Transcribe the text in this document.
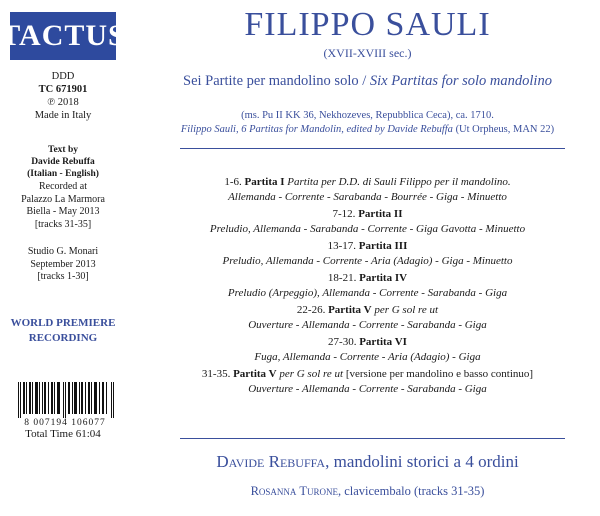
TACTUS
DDD
TC 671901
℗ 2018
Made in Italy
Text by
Davide Rebuffa
(Italian - English)
Recorded at
Palazzo La Marmora
Biella - May 2013
[tracks 31-35]
Studio G. Monari
September 2013
[tracks 1-30]
WORLD PREMIERE
RECORDING
8 007194 106077
Total Time 61:04
FILIPPO SAULI
(XVII-XVIII sec.)
Sei Partite per mandolino solo / Six Partitas for solo mandolino
(ms. Pu II KK 36, Nekhozeves, Repubblica Ceca), ca. 1710.
Filippo Sauli, 6 Partitas for Mandolin, edited by Davide Rebuffa (Ut Orpheus, MAN 22)
1-6. Partita I Partita per D.D. di Sauli Filippo per il mandolino.
Allemanda - Corrente - Sarabanda - Bourrée - Giga - Minuetto
7-12. Partita II
Preludio, Allemanda - Sarabanda - Corrente - Giga Gavotta - Minuetto
13-17. Partita III
Preludio, Allemanda - Corrente - Aria (Adagio) - Giga - Minuetto
18-21. Partita IV
Preludio (Arpeggio), Allemanda - Corrente - Sarabanda - Giga
22-26. Partita V per G sol re ut
Ouverture - Allemanda - Corrente - Sarabanda - Giga
27-30. Partita VI
Fuga, Allemanda - Corrente - Aria (Adagio) - Giga
31-35. Partita V per G sol re ut [versione per mandolino e basso continuo]
Ouverture - Allemanda - Corrente - Sarabanda - Giga
Davide Rebuffa, mandolini storici a 4 ordini
Rosanna Turone, clavicembalo (tracks 31-35)
